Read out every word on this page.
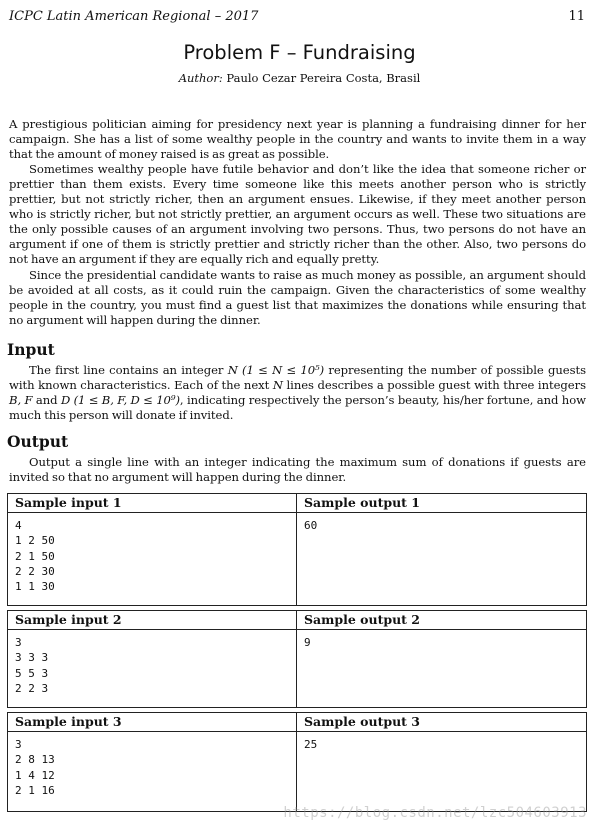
ICPC Latin American Regional – 2017	11
Problem F – Fundraising
Author: Paulo Cezar Pereira Costa, Brasil

A prestigious politician aiming for presidency next year is planning a fundraising dinner for her campaign. She has a list of some wealthy people in the country and wants to invite them in a way that the amount of money raised is as great as possible.

Sometimes wealthy people have futile behavior and don’t like the idea that someone richer or prettier than them exists. Every time someone like this meets another person who is strictly prettier, but not strictly richer, then an argument ensues. Likewise, if they meet another person who is strictly richer, but not strictly prettier, an argument occurs as well. These two situations are the only possible causes of an argument involving two persons. Thus, two persons do not have an argument if one of them is strictly prettier and strictly richer than the other. Also, two persons do not have an argument if they are equally rich and equally pretty.

Since the presidential candidate wants to raise as much money as possible, an argument should be avoided at all costs, as it could ruin the campaign. Given the characteristics of some wealthy people in the country, you must find a guest list that maximizes the donations while ensuring that no argument will happen during the dinner.

Input

The first line contains an integer N (1 ≤ N ≤ 10⁵) representing the number of possible guests with known characteristics. Each of the next N lines describes a possible guest with three integers B, F and D (1 ≤ B, F, D ≤ 10⁹), indicating respectively the person’s beauty, his/her fortune, and how much this person will donate if invited.

Output

Output a single line with an integer indicating the maximum sum of donations if guests are invited so that no argument will happen during the dinner.

Sample input 1
4
1 2 50
2 1 50
2 2 30
1 1 30
Sample output 1
60
Sample input 2
3
3 3 3
5 5 3
2 2 3
Sample output 2
9
Sample input 3
3
2 8 13
1 4 12
2 1 16
Sample output 3
25
https://blog.csdn.net/lzc504603913
